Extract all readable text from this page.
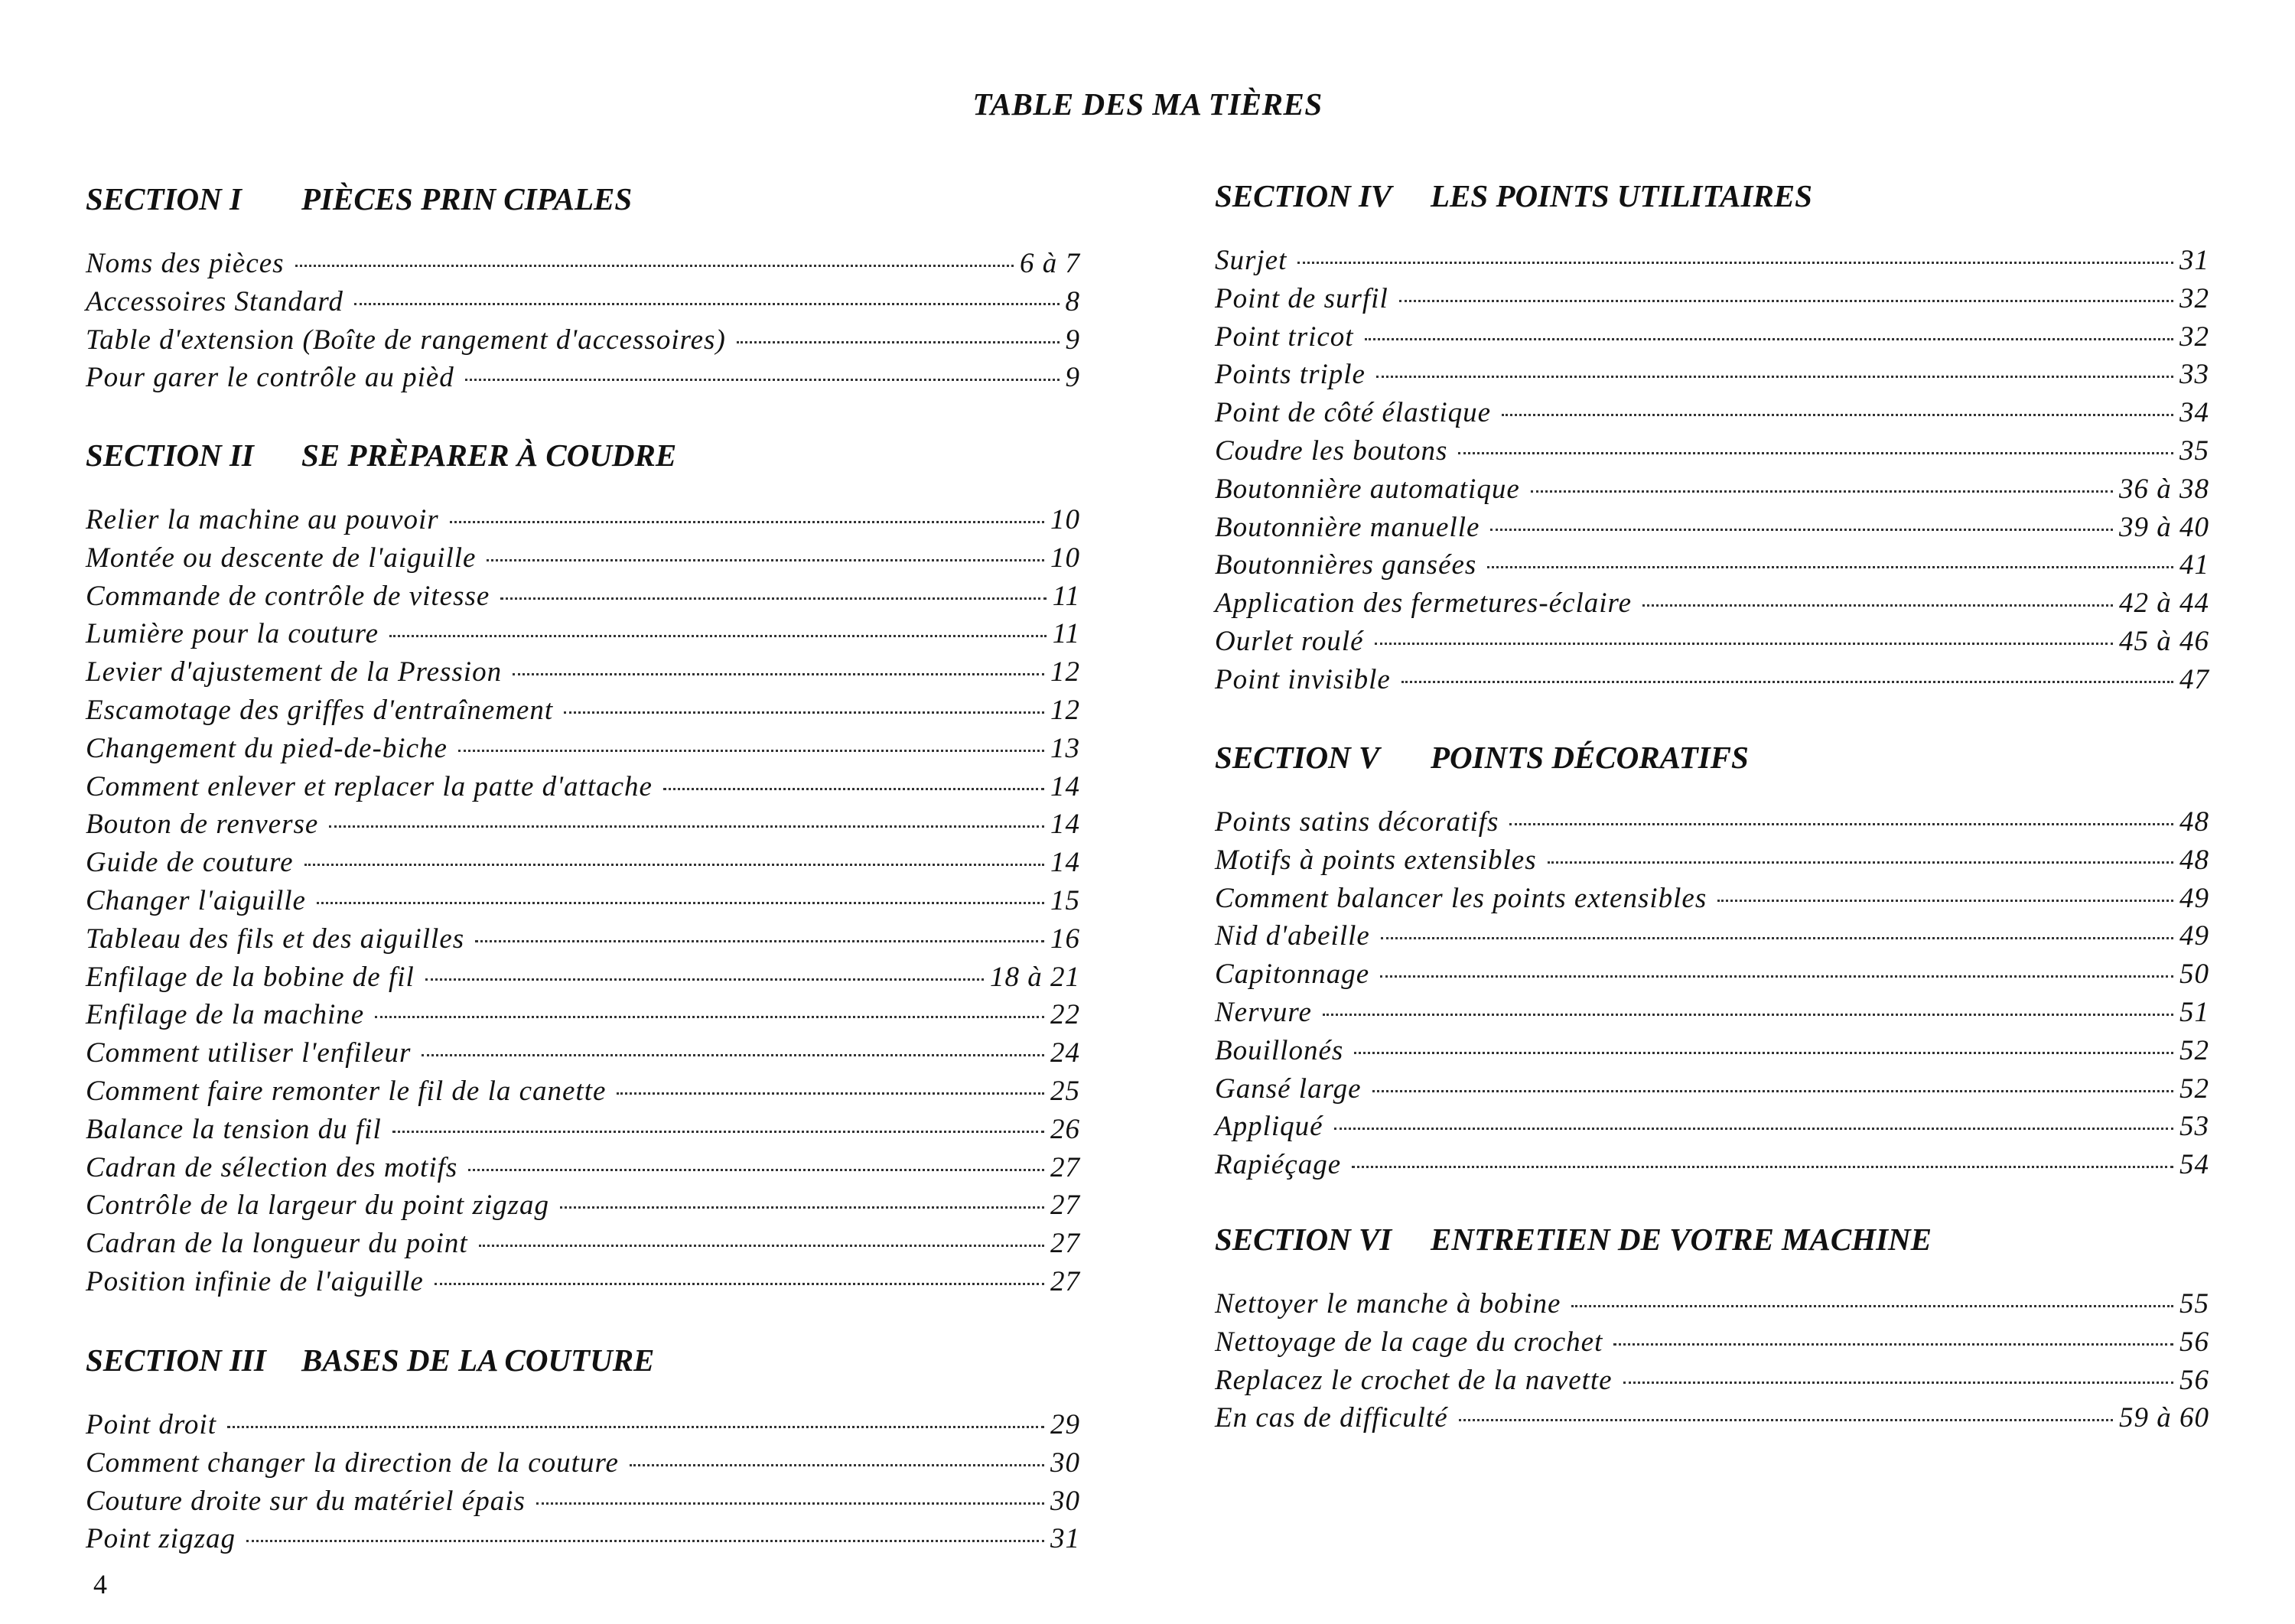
TABLE DES MA TIÈRES
SECTION I PIÈCES PRIN CIPALES
Noms des pièces	6 à 7
Accessoires Standard	8
Table d'extension (Boîte de rangement d'accessoires)	9
Pour garer le contrôle au pièd	9
SECTION II SE PRÈPARER À COUDRE
Relier la machine au pouvoir	10
Montée ou descente de l'aiguille	10
Commande de contrôle de vitesse	11
Lumière pour la couture	11
Levier d'ajustement de la Pression	12
Escamotage des griffes d'entraînement	12
Changement du pied-de-biche	13
Comment enlever et replacer la patte d'attache	14
Bouton de renverse	14
Guide de couture	14
Changer l'aiguille	15
Tableau des fils et des aiguilles	16
Enfilage de la bobine de fil	18 à 21
Enfilage de la machine	22
Comment utiliser l'enfileur	24
Comment faire remonter le fil de la canette	25
Balance la tension du fil	26
Cadran de sélection des motifs	27
Contrôle de la largeur du point zigzag	27
Cadran de la longueur du point	27
Position infinie de l'aiguille	27
SECTION III BASES DE LA COUTURE
Point droit	29
Comment changer la direction de la couture	30
Couture droite sur du matériel épais	30
Point zigzag	31
SECTION IV LES POINTS UTILITAIRES
Surjet	31
Point de surfil	32
Point tricot	32
Points triple	33
Point de côté élastique	34
Coudre les boutons	35
Boutonnière automatique	36 à 38
Boutonnière manuelle	39 à 40
Boutonnières gansées	41
Application des fermetures-éclaire	42 à 44
Ourlet roulé	45 à 46
Point invisible	47
SECTION V POINTS DÉCORATIFS
Points satins décoratifs	48
Motifs à points extensibles	48
Comment balancer les points extensibles	49
Nid d'abeille	49
Capitonnage	50
Nervure	51
Bouillonés	52
Gansé large	52
Appliqué	53
Rapiéçage	54
SECTION VI ENTRETIEN DE VOTRE MACHINE
Nettoyer le manche à bobine	55
Nettoyage de la cage du crochet	56
Replacez le crochet de la navette	56
En cas de difficulté	59 à 60
4
